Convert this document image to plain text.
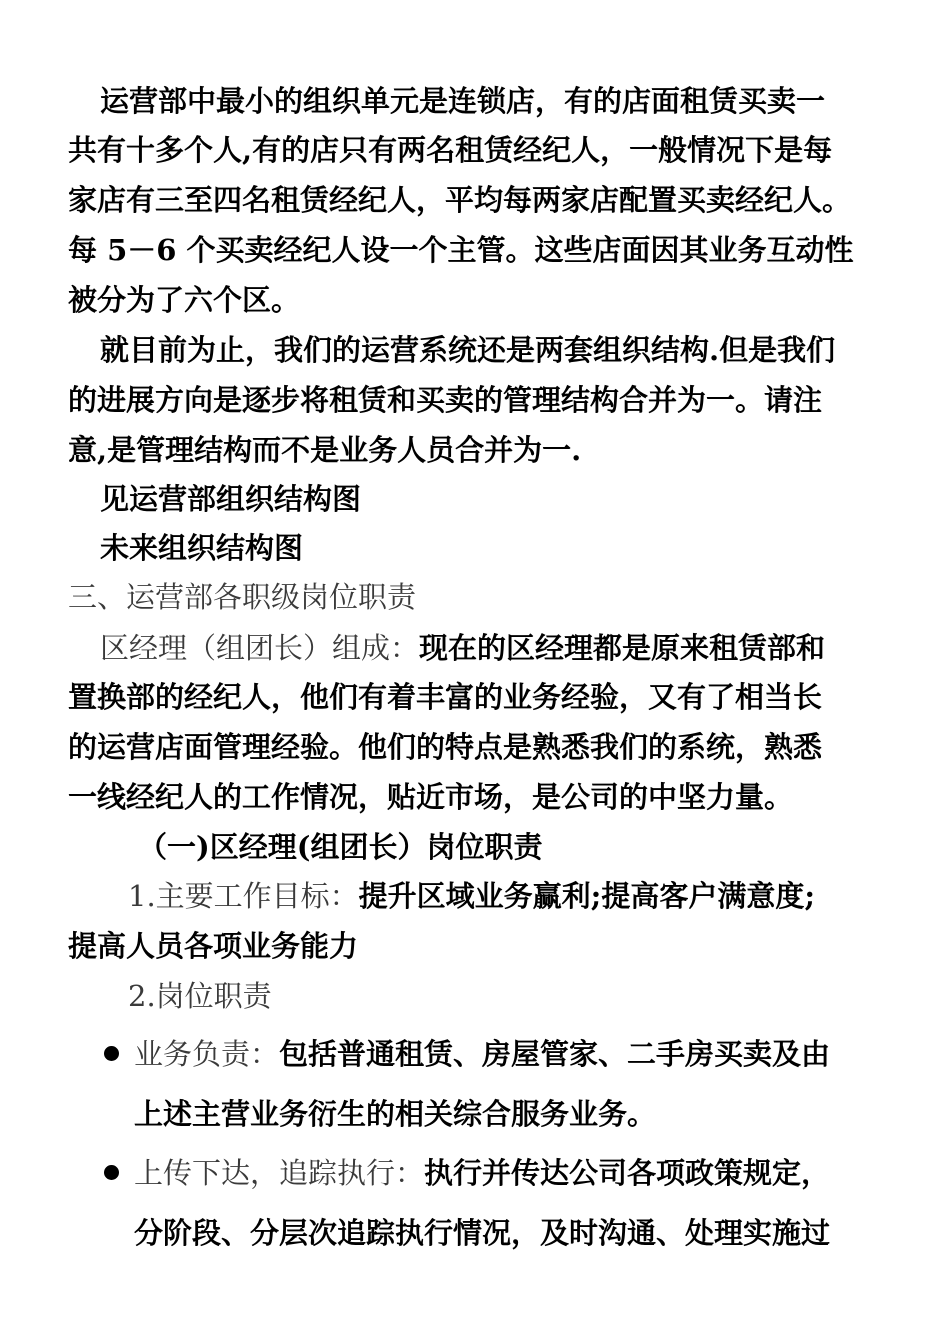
运营部中最小的组织单元是连锁店，有的店面租赁买卖一
共有十多个人,有的店只有两名租赁经纪人，一般情况下是每
家店有三至四名租赁经纪人，平均每两家店配置买卖经纪人。
每 5－6 个买卖经纪人设一个主管。这些店面因其业务互动性
被分为了六个区。
就目前为止，我们的运营系统还是两套组织结构.但是我们
的进展方向是逐步将租赁和买卖的管理结构合并为一。请注
意,是管理结构而不是业务人员合并为一.
见运营部组织结构图
未来组织结构图
三、运营部各职级岗位职责
区经理（组团长）组成：现在的区经理都是原来租赁部和
置换部的经纪人，他们有着丰富的业务经验，又有了相当长
的运营店面管理经验。他们的特点是熟悉我们的系统，熟悉
一线经纪人的工作情况，贴近市场，是公司的中坚力量。
（一)区经理(组团长）岗位职责
1.主要工作目标：提升区域业务赢利;提高客户满意度;
提高人员各项业务能力
2.岗位职责
业务负责：包括普通租赁、房屋管家、二手房买卖及由
上述主营业务衍生的相关综合服务业务。
上传下达，追踪执行：执行并传达公司各项政策规定，
分阶段、分层次追踪执行情况，及时沟通、处理实施过
